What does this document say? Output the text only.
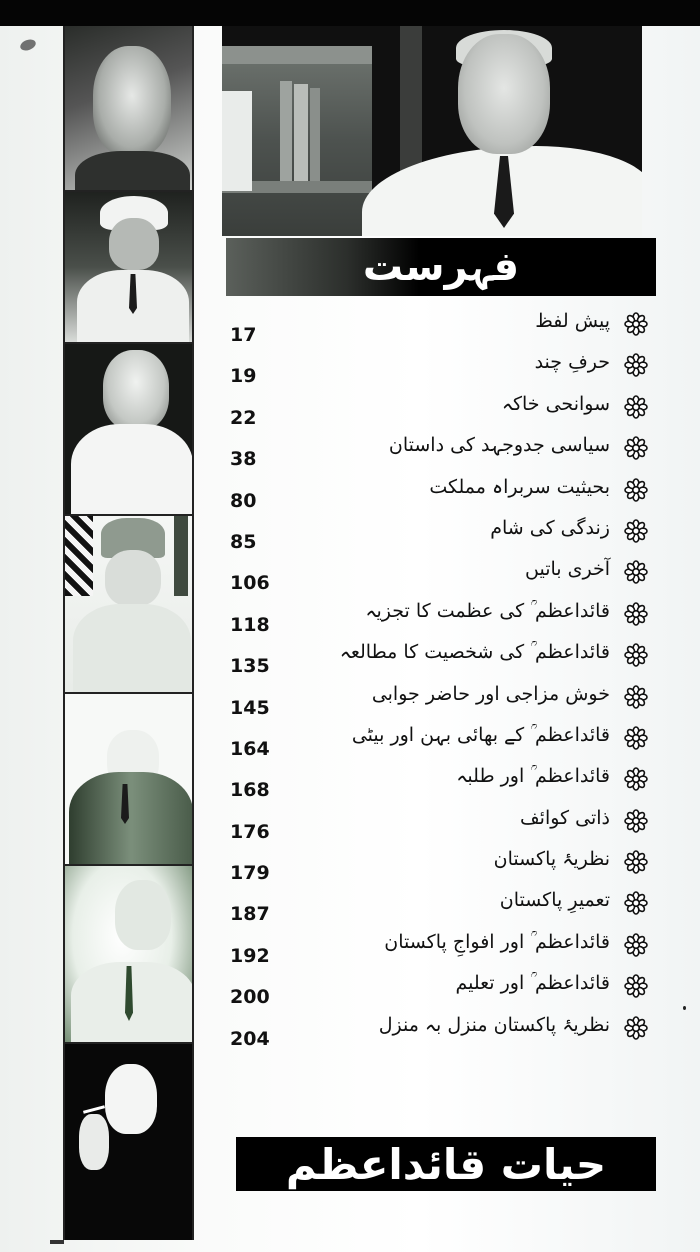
فہرست
17
پیش لفظ
19
حرفِ چند
22
سوانحی خاکہ
38
سیاسی جدوجہد کی داستان
80
بحیثیت سربراہ مملکت
85
زندگی کی شام
106
آخری باتیں
118
قائداعظم ؒ کی عظمت کا تجزیہ
135
قائداعظم ؒ کی شخصیت کا مطالعہ
145
خوش مزاجی اور حاضر جوابی
164
قائداعظم ؒ کے بھائی بہن اور بیٹی
168
قائداعظم ؒ اور طلبہ
176
ذاتی کوائف
179
نظریۂ پاکستان
187
تعمیرِ پاکستان
192
قائداعظم ؒ اور افواجِ پاکستان
200
قائداعظم ؒ اور تعلیم
204
نظریۂ پاکستان منزل بہ منزل
حیات قائداعظم
